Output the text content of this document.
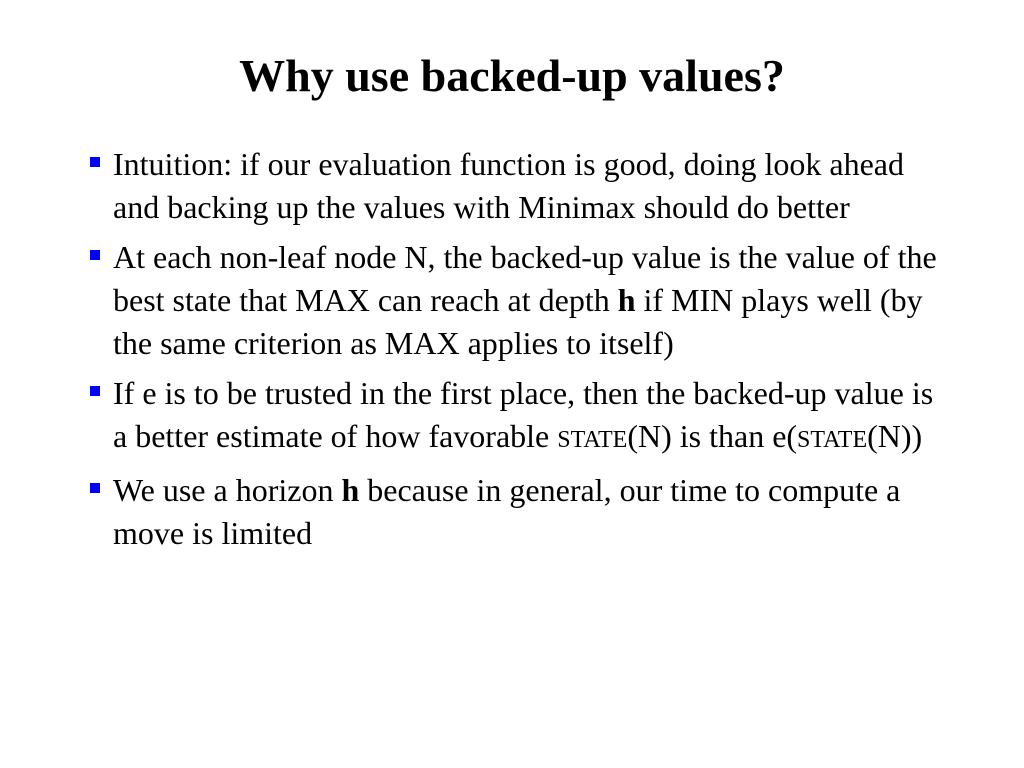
Why use backed-up values?
Intuition: if our evaluation function is good, doing look ahead and backing up the values with Minimax should do better
At each non-leaf node N, the backed-up value is the value of the best state that MAX can reach at depth h if MIN plays well (by the same criterion as MAX applies to itself)
If e is to be trusted in the first place, then the backed-up value is a better estimate of how favorable STATE(N) is than e(STATE(N))
We use a horizon h because in general, our time to compute a move is limited
